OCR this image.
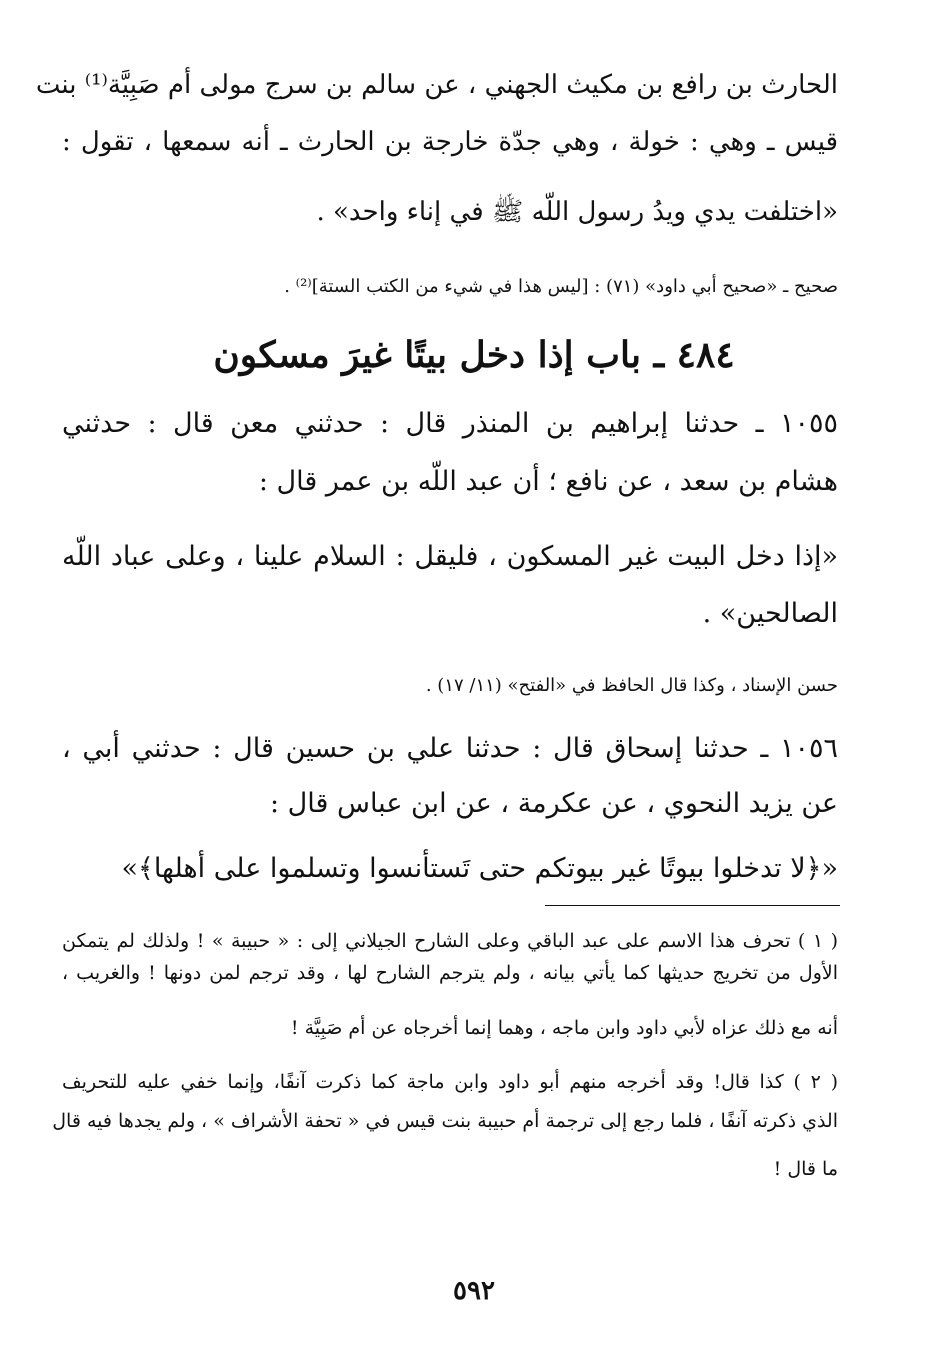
الحارث بن رافع بن مكيث الجهني ، عن سالم بن سرج مولى أم صَبِيَّة⁽¹⁾ بنت
قيس ـ وهي : خولة ، وهي جدّة خارجة بن الحارث ـ أنه سمعها ، تقول :
«اختلفت يدي ويدُ رسول اللّه ﷺ في إناء واحد» .
صحيح ـ «صحيح أبي داود» (٧١) : [ليس هذا في شيء من الكتب الستة]⁽²⁾ .
٤٨٤ ـ باب إذا دخل بيتًا غيرَ مسكون
١٠٥٥ ـ حدثنا إبراهيم بن المنذر قال : حدثني معن قال : حدثني
هشام بن سعد ، عن نافع ؛ أن عبد اللّه بن عمر قال :
«إذا دخل البيت غير المسكون ، فليقل : السلام علينا ، وعلى عباد اللّه
الصالحين» .
حسن الإسناد ، وكذا قال الحافظ في «الفتح» (١١/ ١٧) .
١٠٥٦ ـ حدثنا إسحاق قال : حدثنا علي بن حسين قال : حدثني أبي ،
عن يزيد النحوي ، عن عكرمة ، عن ابن عباس قال :
«﴿لا تدخلوا بيوتًا غير بيوتكم حتى تَستأنسوا وتسلموا على أهلها﴾»
( ١ ) تحرف هذا الاسم على عبد الباقي وعلى الشارح الجيلاني إلى : « حبيبة » ! ولذلك لم يتمكن
الأول من تخريج حديثها كما يأتي بيانه ، ولم يترجم الشارح لها ، وقد ترجم لمن دونها ! والغريب ،
أنه مع ذلك عزاه لأبي داود وابن ماجه ، وهما إنما أخرجاه عن أم صَبِيَّة !
( ٢ ) كذا قال! وقد أخرجه منهم أبو داود وابن ماجة كما ذكرت آنفًا، وإنما خفي عليه للتحريف
الذي ذكرته آنفًا ، فلما رجع إلى ترجمة أم حبيبة بنت قيس في « تحفة الأشراف » ، ولم يجدها فيه قال
ما قال !
٥٩٢
